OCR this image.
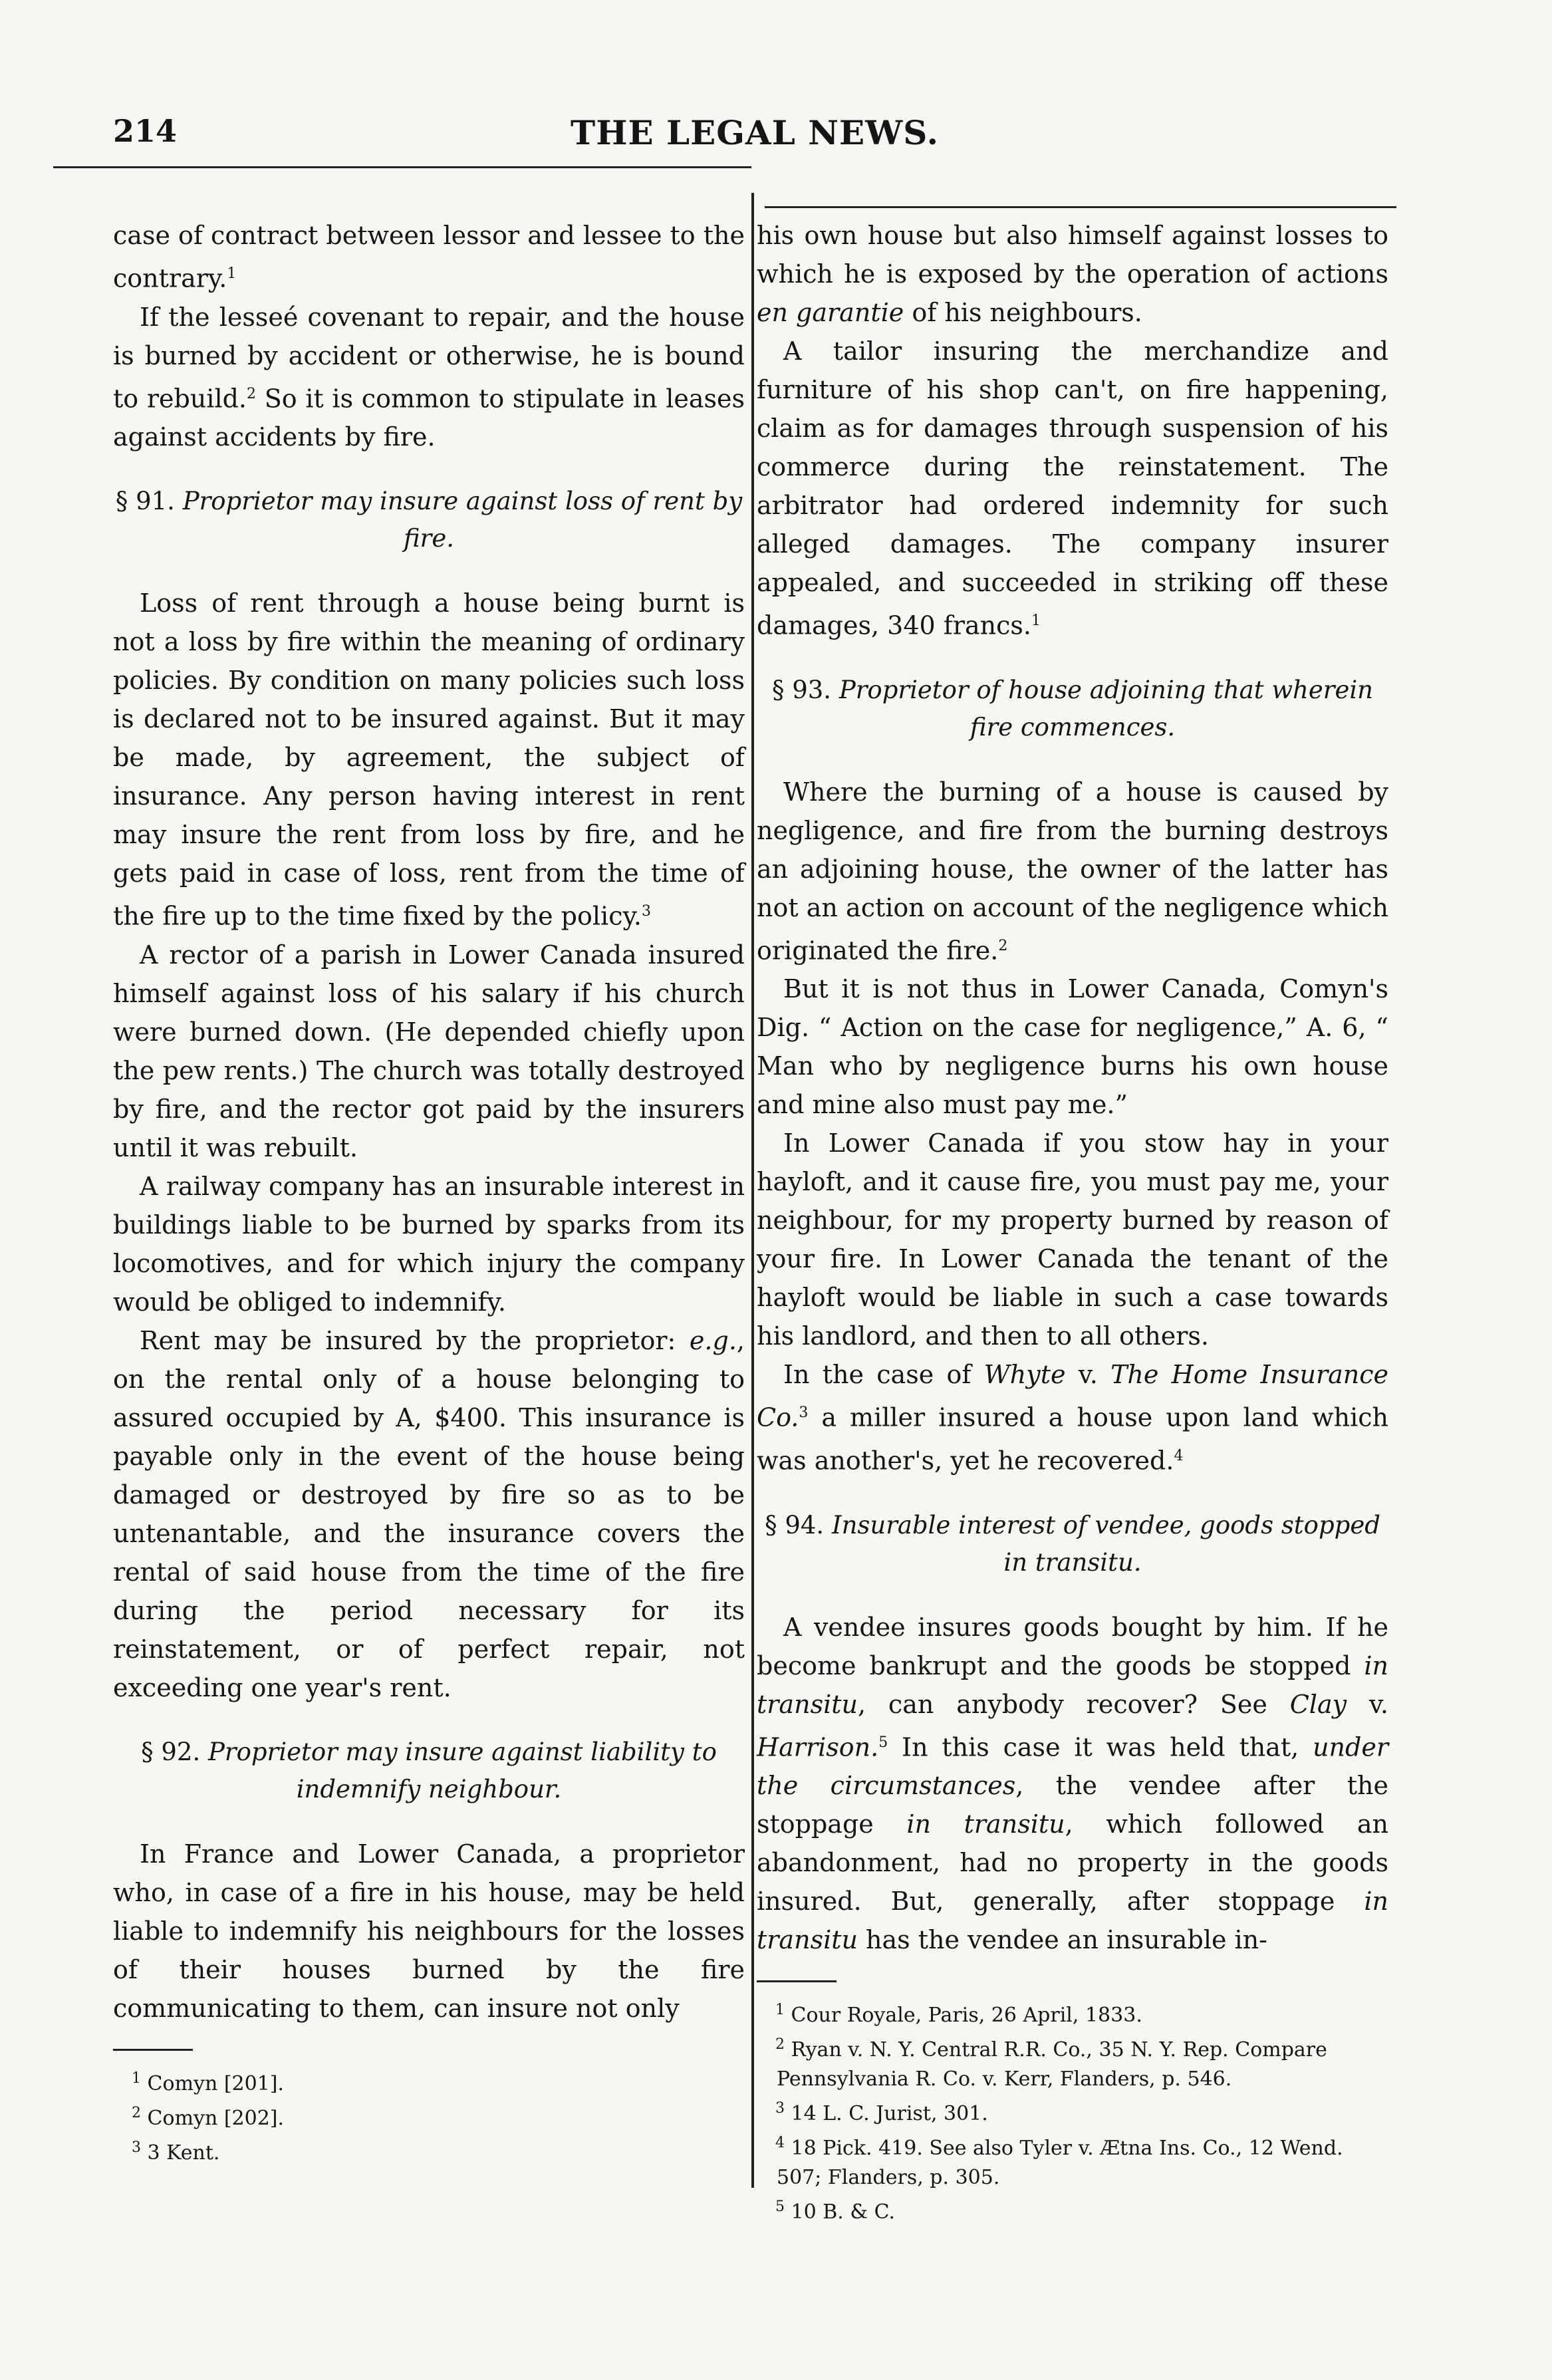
214	THE LEGAL NEWS.

case of contract between lessor and lessee to the contrary.$^1$

If the lesseé covenant to repair, and the house is burned by accident or otherwise, he is bound to rebuild.$^2$ So it is common to stipulate in leases against accidents by fire.

§ 91. Proprietor may insure against loss of rent by fire.

Loss of rent through a house being burnt is not a loss by fire within the meaning of ordinary policies. By condition on many policies such loss is declared not to be insured against. But it may be made, by agreement, the subject of insurance. Any person having interest in rent may insure the rent from loss by fire, and he gets paid in case of loss, rent from the time of the fire up to the time fixed by the policy.$^3$

A rector of a parish in Lower Canada insured himself against loss of his salary if his church were burned down. (He depended chiefly upon the pew rents.) The church was totally destroyed by fire, and the rector got paid by the insurers until it was rebuilt.

A railway company has an insurable interest in buildings liable to be burned by sparks from its locomotives, and for which injury the company would be obliged to indemnify.

Rent may be insured by the proprietor: e.g., on the rental only of a house belonging to assured occupied by A, $400. This insurance is payable only in the event of the house being damaged or destroyed by fire so as to be untenantable, and the insurance covers the rental of said house from the time of the fire during the period necessary for its reinstatement, or of perfect repair, not exceeding one year's rent.

§ 92. Proprietor may insure against liability to indemnify neighbour.

In France and Lower Canada, a proprietor who, in case of a fire in his house, may be held liable to indemnify his neighbours for the losses of their houses burned by the fire communicating to them, can insure not only

$^1$ Comyn [201].
$^2$ Comyn [202].
$^3$ 3 Kent.

his own house but also himself against losses to which he is exposed by the operation of actions en garantie of his neighbours.

A tailor insuring the merchandize and furniture of his shop can't, on fire happening, claim as for damages through suspension of his commerce during the reinstatement. The arbitrator had ordered indemnity for such alleged damages. The company insurer appealed, and succeeded in striking off these damages, 340 francs.$^1$

§ 93. Proprietor of house adjoining that wherein fire commences.

Where the burning of a house is caused by negligence, and fire from the burning destroys an adjoining house, the owner of the latter has not an action on account of the negligence which originated the fire.$^2$

But it is not thus in Lower Canada, Comyn's Dig. “ Action on the case for negligence,” A. 6, “ Man who by negligence burns his own house and mine also must pay me.”

In Lower Canada if you stow hay in your hayloft, and it cause fire, you must pay me, your neighbour, for my property burned by reason of your fire. In Lower Canada the tenant of the hayloft would be liable in such a case towards his landlord, and then to all others.

In the case of Whyte v. The Home Insurance Co.$^3$ a miller insured a house upon land which was another's, yet he recovered.$^4$

§ 94. Insurable interest of vendee, goods stopped in transitu.

A vendee insures goods bought by him. If he become bankrupt and the goods be stopped in transitu, can anybody recover? See Clay v. Harrison.$^5$ In this case it was held that, under the circumstances, the vendee after the stoppage in transitu, which followed an abandonment, had no property in the goods insured. But, generally, after stoppage in transitu has the vendee an insurable in-

$^1$ Cour Royale, Paris, 26 April, 1833.
$^2$ Ryan v. N. Y. Central R.R. Co., 35 N. Y. Rep. Compare Pennsylvania R. Co. v. Kerr, Flanders, p. 546.
$^3$ 14 L. C. Jurist, 301.
$^4$ 18 Pick. 419. See also Tyler v. Ætna Ins. Co., 12 Wend. 507; Flanders, p. 305.
$^5$ 10 B. & C.
